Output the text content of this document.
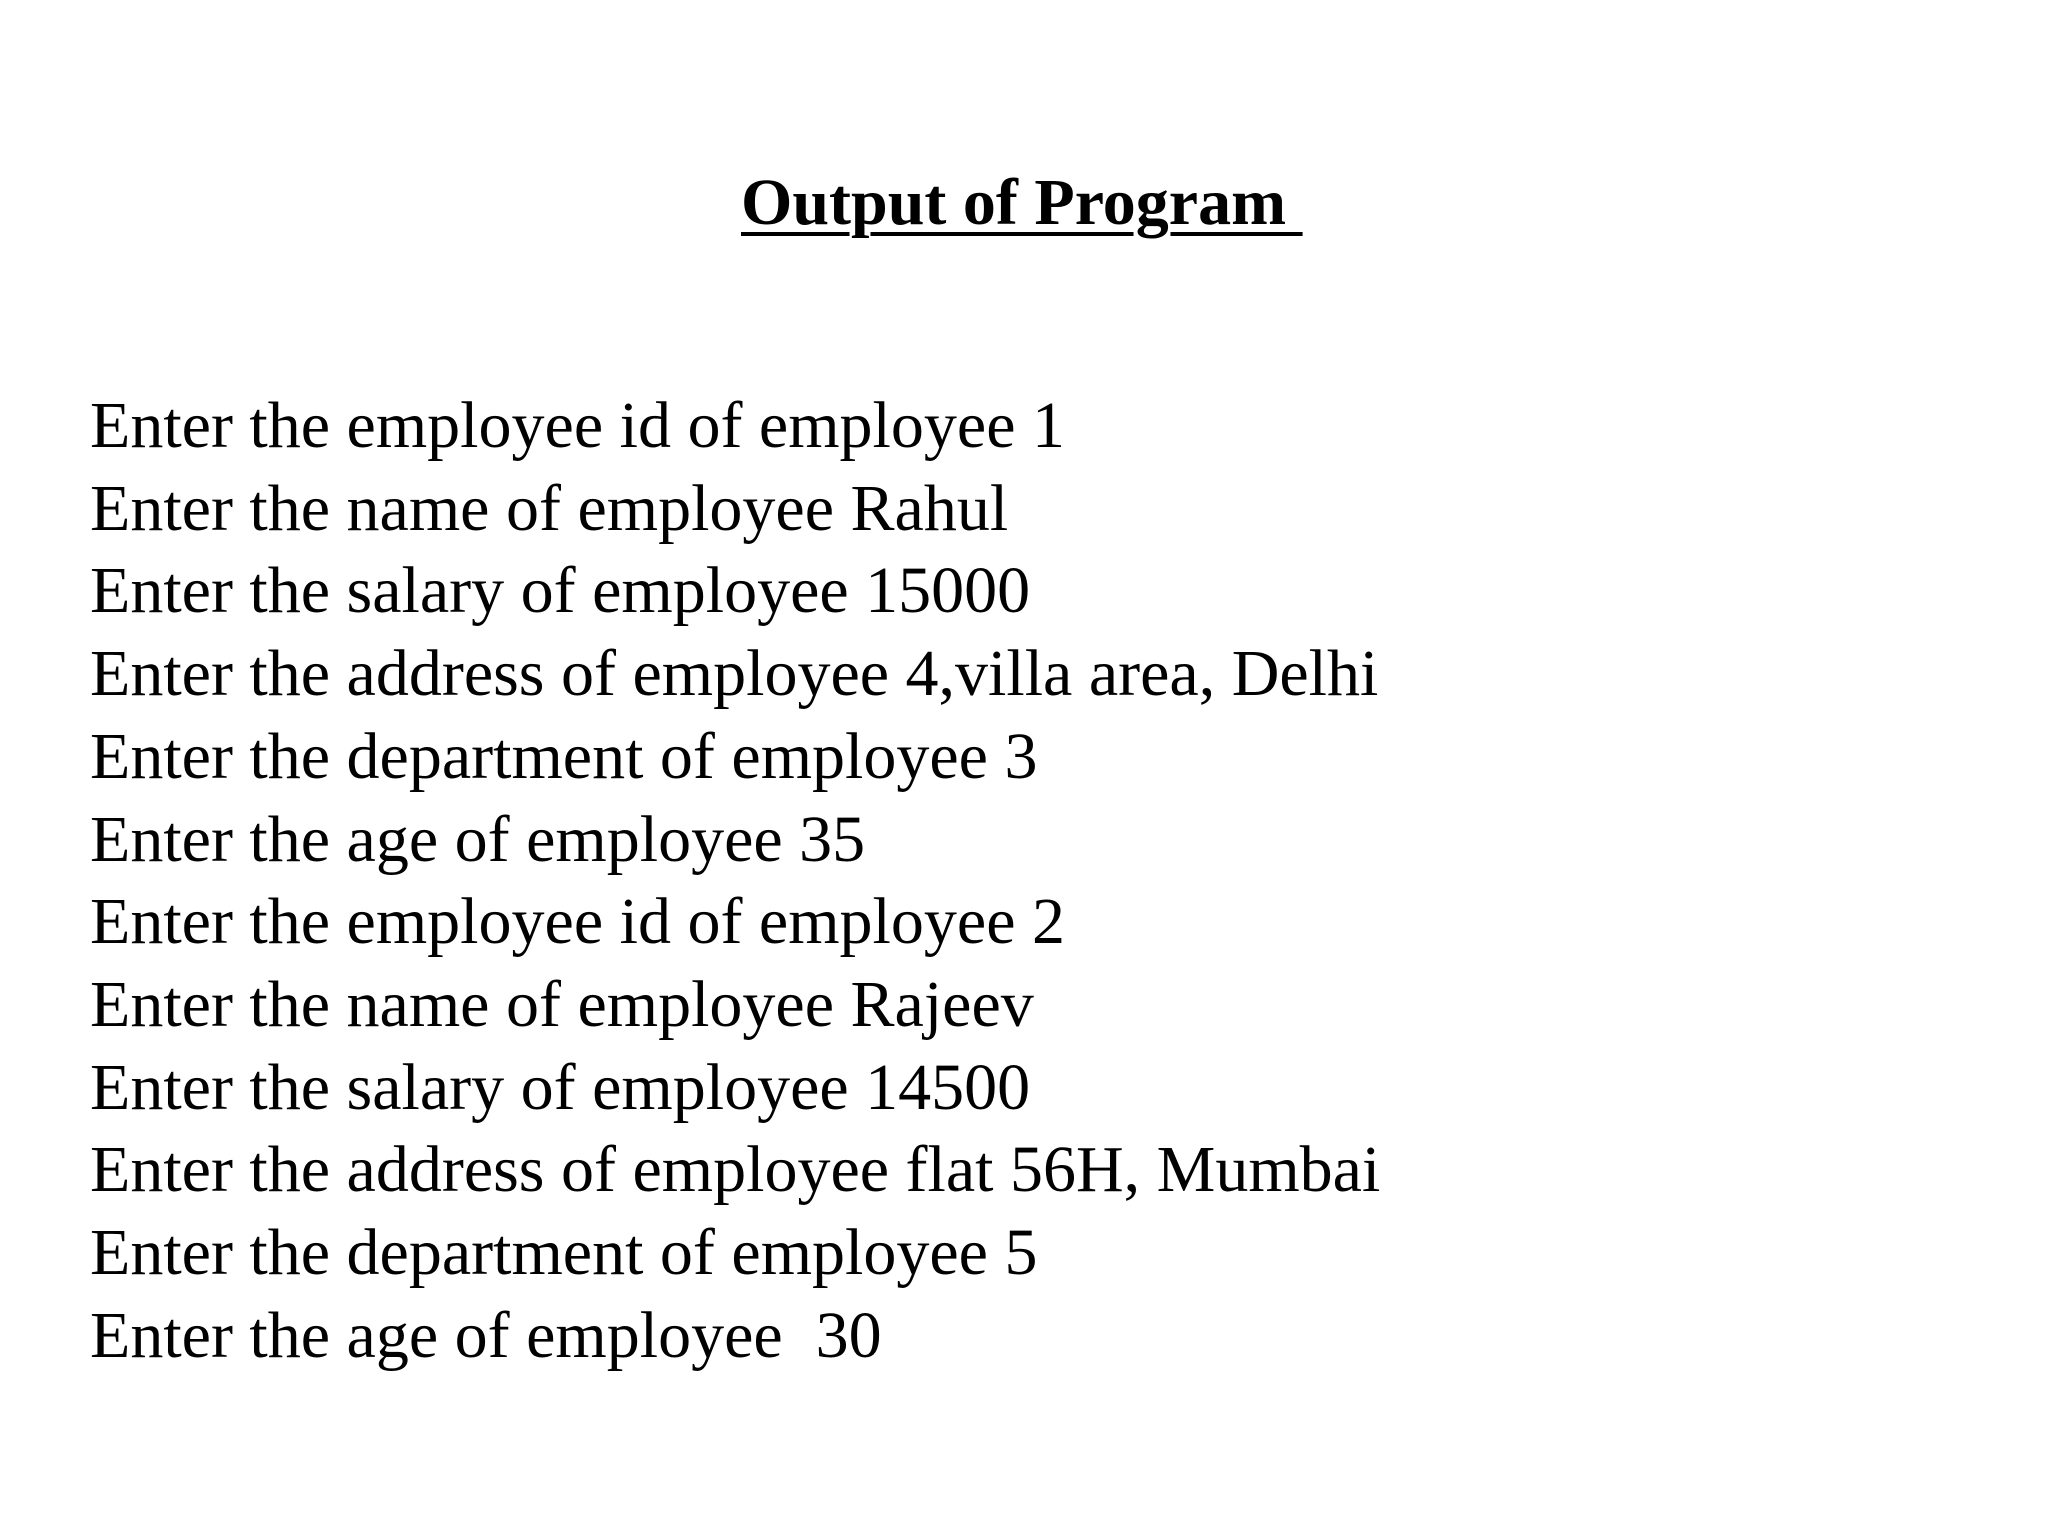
Output of Program
Enter the employee id of employee 1
Enter the name of employee Rahul
Enter the salary of employee 15000
Enter the address of employee 4,villa area, Delhi
Enter the department of employee 3
Enter the age of employee 35
Enter the employee id of employee 2
Enter the name of employee Rajeev
Enter the salary of employee 14500
Enter the address of employee flat 56H, Mumbai
Enter the department of employee 5
Enter the age of employee  30
